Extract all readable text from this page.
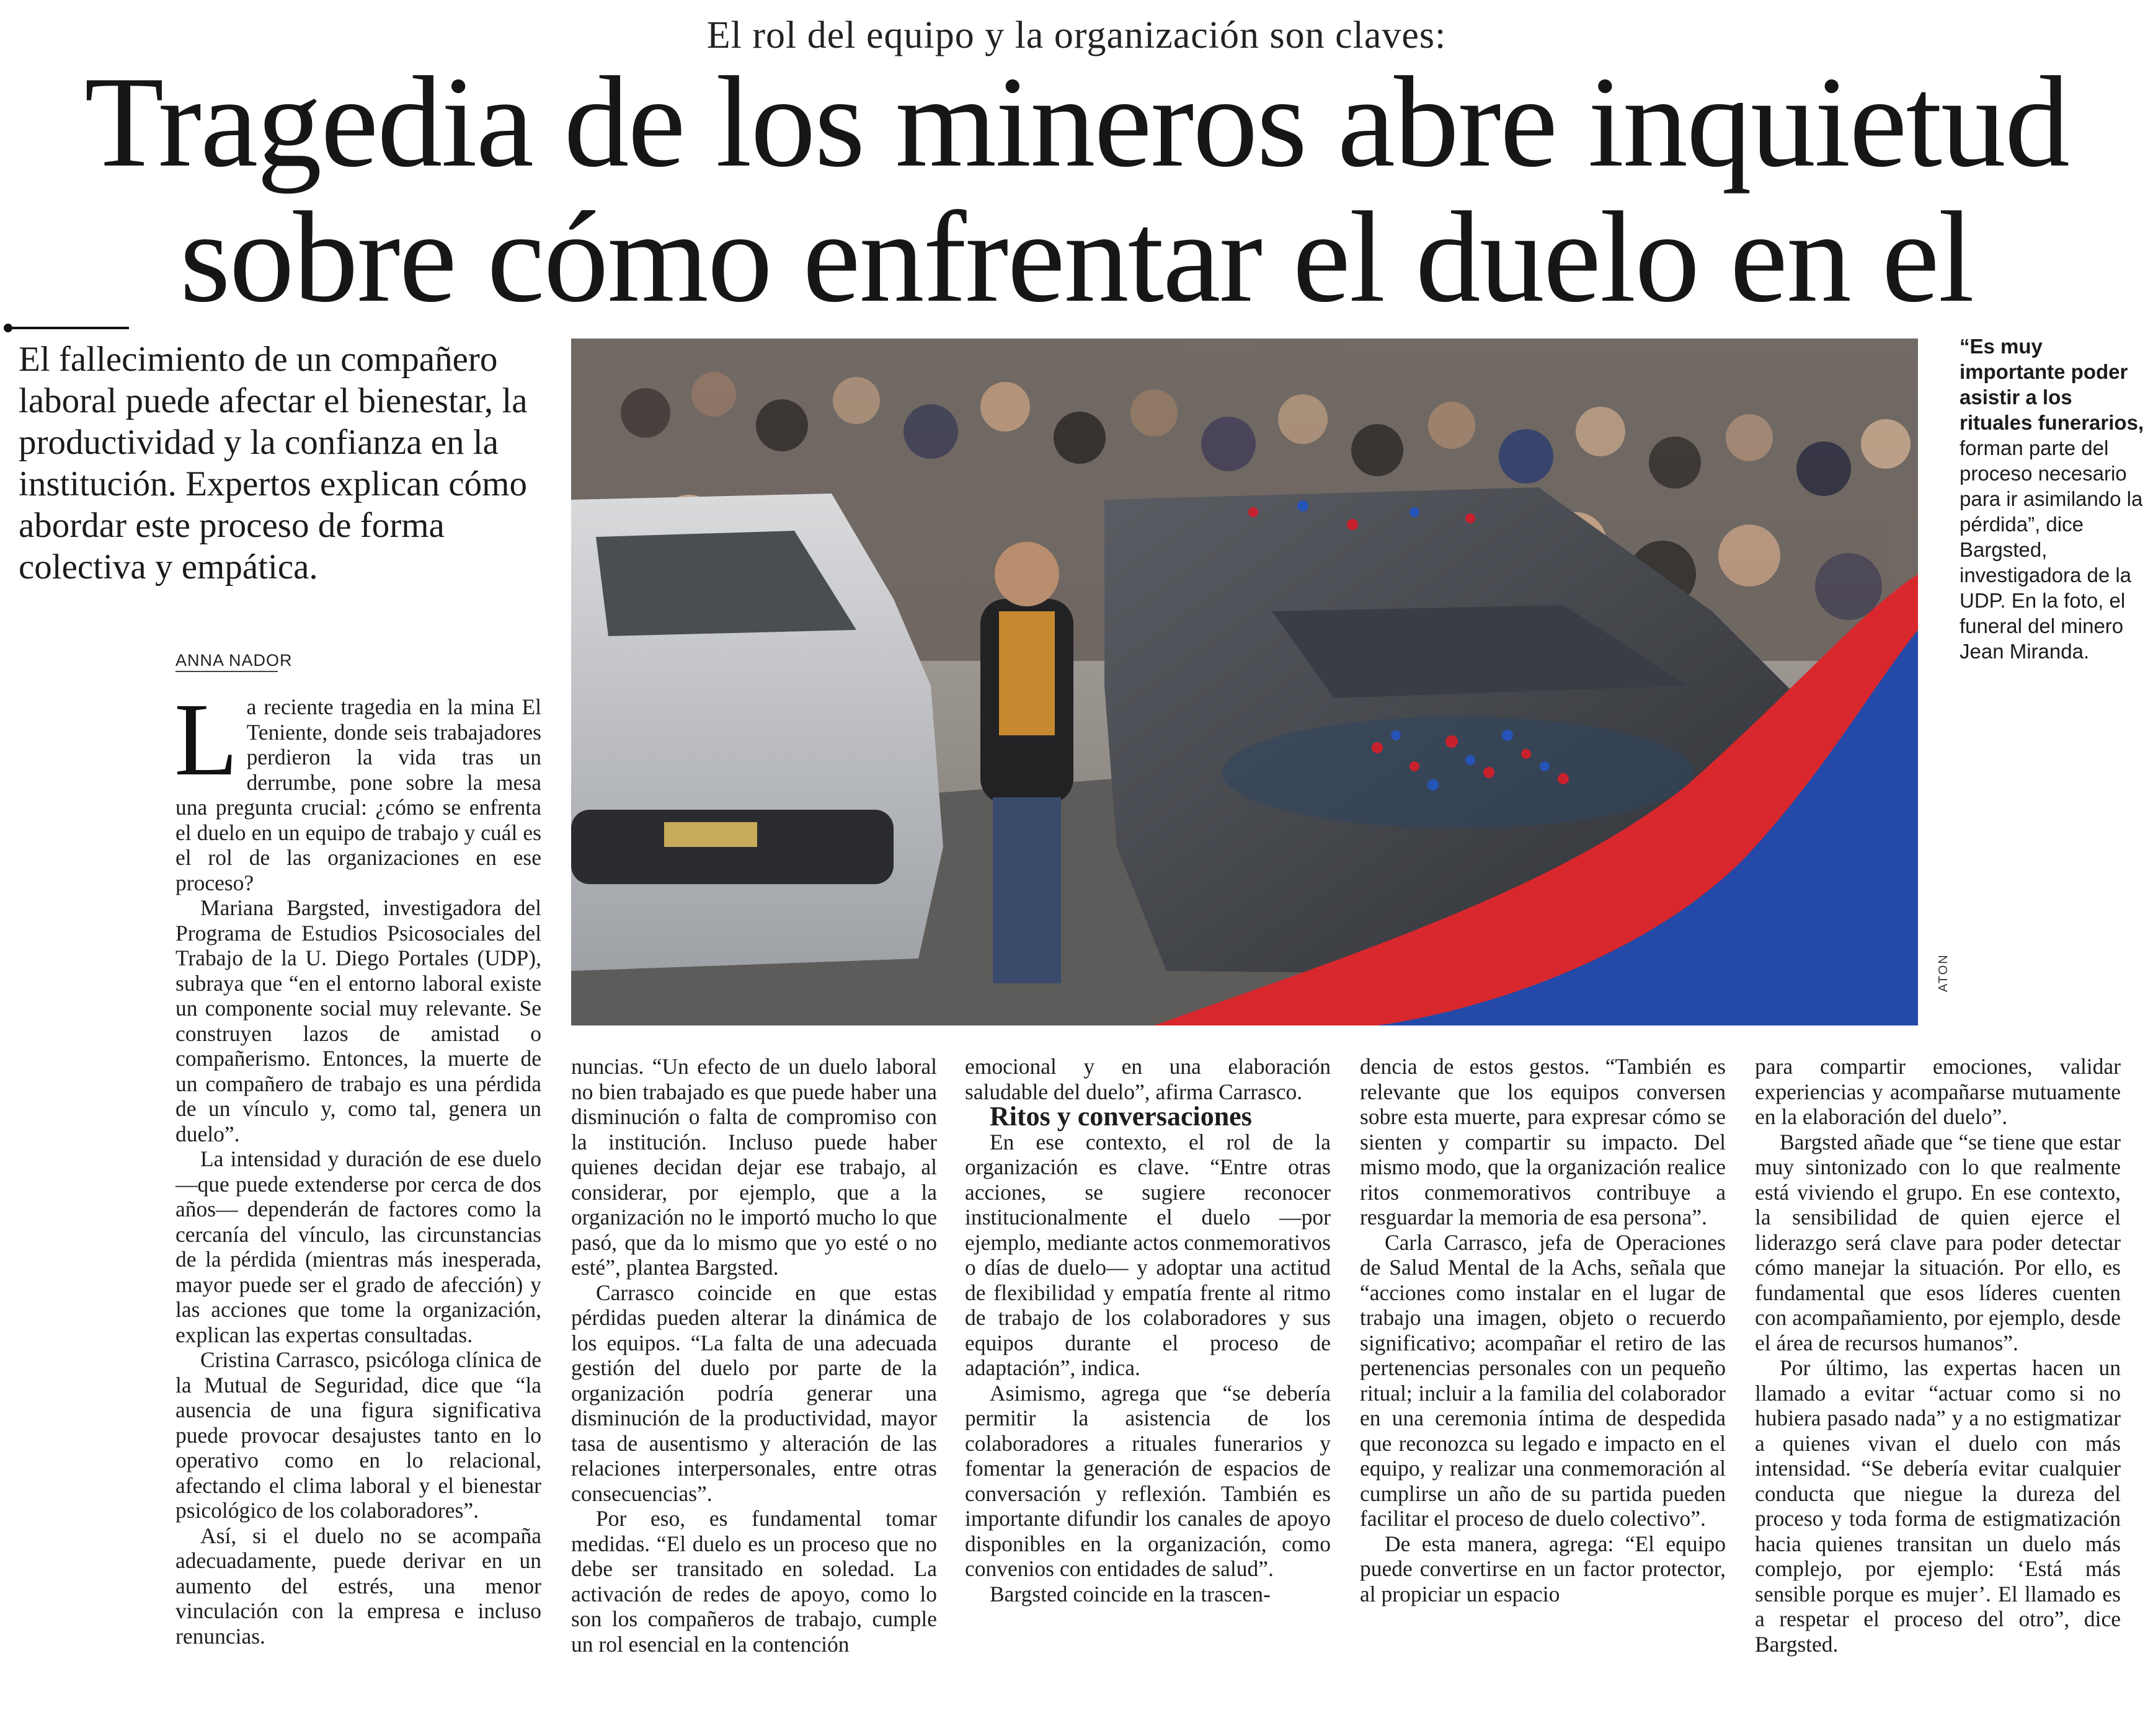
El rol del equipo y la organización son claves:
Tragedia de los mineros abre inquietud
sobre cómo enfrentar el duelo en el
El fallecimiento de un compañero laboral puede afectar el bienestar, la productividad y la confianza en la institución. Expertos explican cómo abordar este proceso de forma colectiva y empática.
ANNA NADOR
ATON
“Es muy importante poder asistir a los rituales funerarios, forman parte del proceso necesario para ir asimilando la pérdida”, dice Bargsted, investigadora de la UDP. En la foto, el funeral del minero Jean Miranda.

La reciente tragedia en la mina El Teniente, donde seis trabajadores perdieron la vida tras un derrumbe, pone sobre la mesa una pregunta crucial: ¿cómo se enfrenta el duelo en un equipo de trabajo y cuál es el rol de las organizaciones en ese proceso?

Mariana Bargsted, investigadora del Programa de Estudios Psicosociales del Trabajo de la U. Diego Portales (UDP), subraya que “en el entorno laboral existe un componente social muy relevante. Se construyen lazos de amistad o compañerismo. Entonces, la muerte de un compañero de trabajo es una pérdida de un vínculo y, como tal, genera un duelo”.

La intensidad y duración de ese duelo —que puede extenderse por cerca de dos años— dependerán de factores como la cercanía del vínculo, las circunstancias de la pérdida (mientras más inesperada, mayor puede ser el grado de afección) y las acciones que tome la organización, explican las expertas consultadas.

Cristina Carrasco, psicóloga clínica de la Mutual de Seguridad, dice que “la ausencia de una figura significativa puede provocar desajustes tanto en lo operativo como en lo relacional, afectando el clima laboral y el bienestar psicológico de los colaboradores”.

Así, si el duelo no se acompaña adecuadamente, puede derivar en un aumento del estrés, una menor vinculación con la empresa e incluso renuncias.

nuncias. “Un efecto de un duelo laboral no bien trabajado es que puede haber una disminución o falta de compromiso con la institución. Incluso puede haber quienes decidan dejar ese trabajo, al considerar, por ejemplo, que a la organización no le importó mucho lo que pasó, que da lo mismo que yo esté o no esté”, plantea Bargsted.

Carrasco coincide en que estas pérdidas pueden alterar la dinámica de los equipos. “La falta de una adecuada gestión del duelo por parte de la organización podría generar una disminución de la productividad, mayor tasa de ausentismo y alteración de las relaciones interpersonales, entre otras consecuencias”.

Por eso, es fundamental tomar medidas. “El duelo es un proceso que no debe ser transitado en soledad. La activación de redes de apoyo, como lo son los compañeros de trabajo, cumple un rol esencial en la contención

emocional y en una elaboración saludable del duelo”, afirma Carrasco.

Ritos y conversaciones

En ese contexto, el rol de la organización es clave. “Entre otras acciones, se sugiere reconocer institucionalmente el duelo —por ejemplo, mediante actos conmemorativos o días de duelo— y adoptar una actitud de flexibilidad y empatía frente al ritmo de trabajo de los colaboradores y sus equipos durante el proceso de adaptación”, indica.

Asimismo, agrega que “se debería permitir la asistencia de los colaboradores a rituales funerarios y fomentar la generación de espacios de conversación y reflexión. También es importante difundir los canales de apoyo disponibles en la organización, como convenios con entidades de salud”.

Bargsted coincide en la trascen-

dencia de estos gestos. “También es relevante que los equipos conversen sobre esta muerte, para expresar cómo se sienten y compartir su impacto. Del mismo modo, que la organización realice ritos conmemorativos contribuye a resguardar la memoria de esa persona”.

Carla Carrasco, jefa de Operaciones de Salud Mental de la Achs, señala que “acciones como instalar en el lugar de trabajo una imagen, objeto o recuerdo significativo; acompañar el retiro de las pertenencias personales con un pequeño ritual; incluir a la familia del colaborador en una ceremonia íntima de despedida que reconozca su legado e impacto en el equipo, y realizar una conmemoración al cumplirse un año de su partida pueden facilitar el proceso de duelo colectivo”.

De esta manera, agrega: “El equipo puede convertirse en un factor protector, al propiciar un espacio

para compartir emociones, validar experiencias y acompañarse mutuamente en la elaboración del duelo”.

Bargsted añade que “se tiene que estar muy sintonizado con lo que realmente está viviendo el grupo. En ese contexto, la sensibilidad de quien ejerce el liderazgo será clave para poder detectar cómo manejar la situación. Por ello, es fundamental que esos líderes cuenten con acompañamiento, por ejemplo, desde el área de recursos humanos”.

Por último, las expertas hacen un llamado a evitar “actuar como si no hubiera pasado nada” y a no estigmatizar a quienes vivan el duelo con más intensidad. “Se debería evitar cualquier conducta que niegue la dureza del proceso y toda forma de estigmatización hacia quienes transitan un duelo más complejo, por ejemplo: ‘Está más sensible porque es mujer’. El llamado es a respetar el proceso del otro”, dice Bargsted.
